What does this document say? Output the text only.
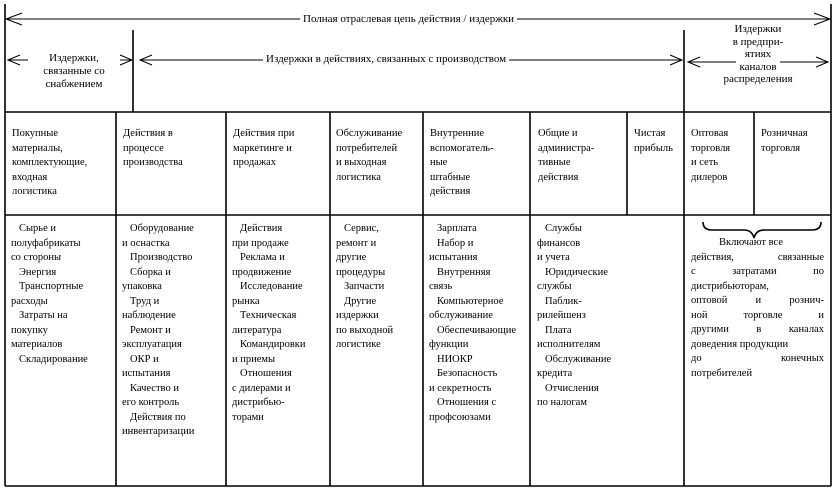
Полная отраслевая цепь действия / издержки
Издержки,
связанные со
снабжением
Издержки в действиях, связанных с производством
Издержки
в предпри-
ятиях
каналов
распределения
Покупные
материалы,
комплектующие,
входная
логистика
Действия в
процессе
производства
Действия при
маркетинге и
продажах
Обслуживание
потребителей
и выходная
логистика
Внутренние
вспомогатель-
ные
штабные
действия
Общие и
администра-
тивные
действия
Чистая
прибыль
Оптовая
торговля
и сеть
дилеров
Розничная
торговля
Сырье и
полуфабрикаты
со стороны
Энергия
Транспортные
расходы
Затраты на
покупку
материалов
Складирование
Оборудование
и оснастка
Производство
Сборка и
упаковка
Труд и
наблюдение
Ремонт и
эксплуатация
ОКР и
испытания
Качество и
его контроль
Действия по
инвентаризации
Действия
при продаже
Реклама и
продвижение
Исследование
рынка
Техническая
литература
Командировки
и приемы
Отношения
с дилерами и
дистрибью-
торами
Сервис,
ремонт и
другие
процедуры
Запчасти
Другие
издержки
по выходной
логистике
Зарплата
Набор и
испытания
Внутренняя
связь
Компьютерное
обслуживание
Обеспечивающие
функции
НИОКР
Безопасность
и секретность
Отношения с
профсоюзами
Службы
финансов
и учета
Юридические
службы
Паблик-
рилейшенз
Плата
исполнителям
Обслуживание
кредита
Отчисления
по налогам
Включают все
действия, связанные
с затратами по
дистрибьюторам,
оптовой и рознич-
ной торговле и
другими в каналах
доведения продукции
до конечных
потребителей
